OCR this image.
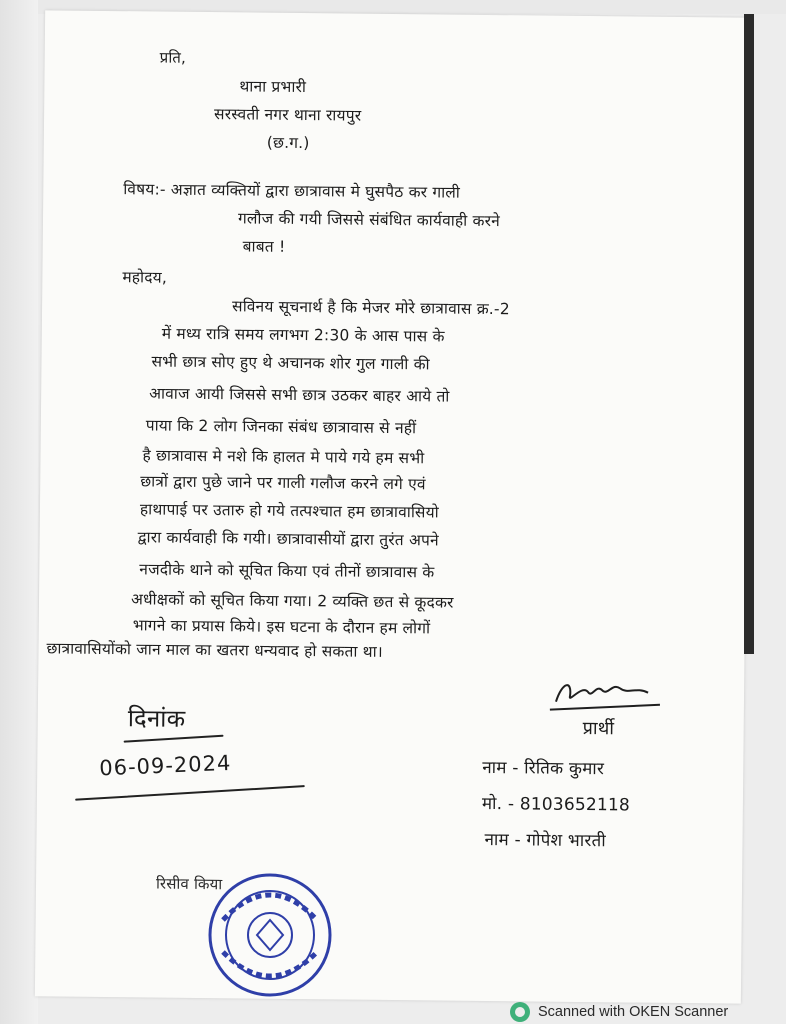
प्रति,
थाना प्रभारी
सरस्वती नगर थाना रायपुर
(छ.ग.)
विषय:- अज्ञात व्यक्तियों द्वारा छात्रावास मे घुसपैठ कर गाली
गलौज की गयी जिससे संबंधित कार्यवाही करने
बाबत !
महोदय,
सविनय सूचनार्थ है कि मेजर मोरे छात्रावास क्र.-2
में मध्य रात्रि समय लगभग 2:30 के आस पास के
सभी छात्र सोए हुए थे अचानक शोर गुल गाली की
आवाज आयी जिससे सभी छात्र उठकर बाहर आये तो
पाया कि 2 लोग जिनका संबंध छात्रावास से नहीं
है छात्रावास मे नशे कि हालत मे पाये गये हम सभी
छात्रों द्वारा पुछे जाने पर गाली गलौज करने लगे एवं
हाथापाई पर उतारु हो गये तत्पश्चात हम छात्रावासियो
द्वारा कार्यवाही कि गयी। छात्रावासीयों द्वारा तुरंत अपने
नजदीके थाने को सूचित किया एवं तीनों छात्रावास के
अधीक्षकों को सूचित किया गया। 2 व्यक्ति छत से कूदकर
भागने का प्रयास किये। इस घटना के दौरान हम लोगों
छात्रावासियोंको जान माल का खतरा धन्यवाद हो सकता था।
दिनांक
06-09-2024
प्रार्थी
नाम - रितिक कुमार
मो. - 8103652118
नाम - गोपेश भारती
रिसीव किया
Scanned with OKEN Scanner
